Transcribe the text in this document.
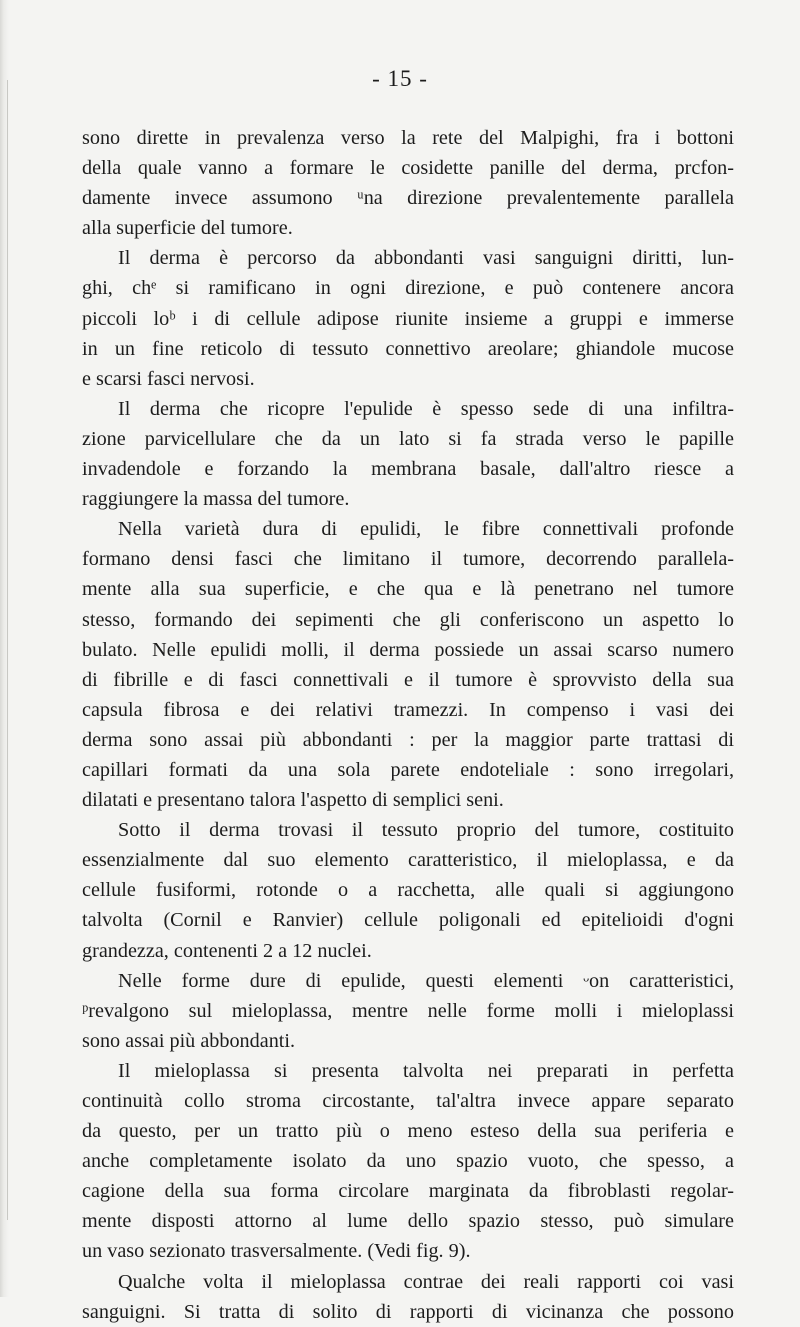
- 15 -

sono dirette in prevalenza verso la rete del Malpighi, fra i bottoni

della quale vanno a formare le cosidette panille del derma, prcfon-

damente invece assumono ᵘna direzione prevalentemente parallela

alla superficie del tumore.

Il derma è percorso da abbondanti vasi sanguigni diritti, lun-

ghi, chᵉ si ramificano in ogni direzione, e può contenere ancora

piccoli loᵇ i di cellule adipose riunite insieme a gruppi e immerse

in un fine reticolo di tessuto connettivo areolare; ghiandole mucose

e scarsi fasci nervosi.

Il derma che ricopre l'epulide è spesso sede di una infiltra-

zione parvicellulare che da un lato si fa strada verso le papille

invadendole e forzando la membrana basale, dall'altro riesce a

raggiungere la massa del tumore.

Nella varietà dura di epulidi, le fibre connettivali profonde

formano densi fasci che limitano il tumore, decorrendo parallela-

mente alla sua superficie, e che qua e là penetrano nel tumore

stesso, formando dei sepimenti che gli conferiscono un aspetto lo

bulato. Nelle epulidi molli, il derma possiede un assai scarso numero

di fibrille e di fasci connettivali e il tumore è sprovvisto della sua

capsula fibrosa e dei relativi tramezzi. In compenso i vasi dei

derma sono assai più abbondanti : per la maggior parte trattasi di

capillari formati da una sola parete endoteliale : sono irregolari,

dilatati e presentano talora l'aspetto di semplici seni.

Sotto il derma trovasi il tessuto proprio del tumore, costituito

essenzialmente dal suo elemento caratteristico, il mieloplassa, e da

cellule fusiformi, rotonde o a racchetta, alle quali si aggiungono

talvolta (Cornil e Ranvier) cellule poligonali ed epitelioidi d'ogni

grandezza, contenenti 2 a 12 nuclei.

Nelle forme dure di epulide, questi elementi ᵕon caratteristici,

ᵖrevalgono sul mieloplassa, mentre nelle forme molli i mieloplassi

sono assai più abbondanti.

Il mieloplassa si presenta talvolta nei preparati in perfetta

continuità collo stroma circostante, tal'altra invece appare separato

da questo, per un tratto più o meno esteso della sua periferia e

anche completamente isolato da uno spazio vuoto, che spesso, a

cagione della sua forma circolare marginata da fibroblasti regolar-

mente disposti attorno al lume dello spazio stesso, può simulare

un vaso sezionato trasversalmente. (Vedi fig. 9).

Qualche volta il mieloplassa contrae dei reali rapporti coi vasi

sanguigni. Si tratta di solito di rapporti di vicinanza che possono
